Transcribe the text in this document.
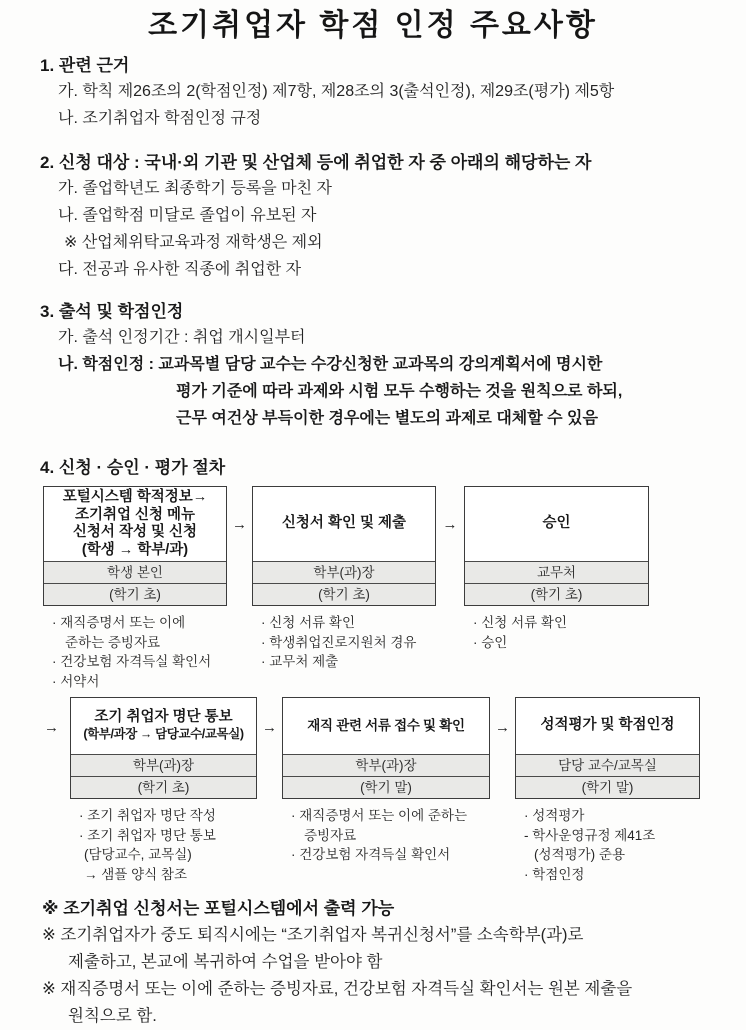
조기취업자 학점 인정 주요사항
1. 관련 근거
가. 학칙 제26조의 2(학점인정) 제7항, 제28조의 3(출석인정), 제29조(평가) 제5항
나. 조기취업자 학점인정 규정
2. 신청 대상 : 국내·외 기관 및 산업체 등에 취업한 자 중 아래의 해당하는 자
가. 졸업학년도 최종학기 등록을 마친 자
나. 졸업학점 미달로 졸업이 유보된 자
※ 산업체위탁교육과정 재학생은 제외
다. 전공과 유사한 직종에 취업한 자
3. 출석 및 학점인정
가. 출석 인정기간 : 취업 개시일부터
나. 학점인정 : 교과목별 담당 교수는 수강신청한 교과목의 강의계획서에 명시한
평가 기준에 따라 과제와 시험 모두 수행하는 것을 원칙으로 하되,
근무 여건상 부득이한 경우에는 별도의 과제로 대체할 수 있음
4. 신청 · 승인 · 평가 절차
포털시스템 학적정보→
조기취업 신청 메뉴
신청서 작성 및 신청
(학생 → 학부/과)
학생 본인
(학기 초)
· 재직증명서 또는 이에
준하는 증빙자료
· 건강보험 자격득실 확인서
· 서약서
→	신청서 확인 및 제출
학부(과)장
(학기 초)
· 신청 서류 확인
· 학생취업진로지원처 경유
· 교무처 제출
→	승인
교무처
(학기 초)
· 신청 서류 확인
· 승인
→
조기 취업자 명단 통보
(학부/과장 → 담당교수/교목실)
학부(과)장
(학기 초)
· 조기 취업자 명단 작성
· 조기 취업자 명단 통보
(담당교수, 교목실)
→ 샘플 양식 참조
→	재직 관련 서류 접수 및 확인
학부(과)장
(학기 말)
· 재직증명서 또는 이에 준하는
증빙자료
· 건강보험 자격득실 확인서
→	성적평가 및 학점인정
담당 교수/교목실
(학기 말)
· 성적평가
- 학사운영규정 제41조
(성적평가) 준용
· 학점인정
※ 조기취업 신청서는 포털시스템에서 출력 가능
※ 조기취업자가 중도 퇴직시에는 “조기취업자 복귀신청서”를 소속학부(과)로
제출하고, 본교에 복귀하여 수업을 받아야 함
※ 재직증명서 또는 이에 준하는 증빙자료, 건강보험 자격득실 확인서는 원본 제출을
원칙으로 함.
